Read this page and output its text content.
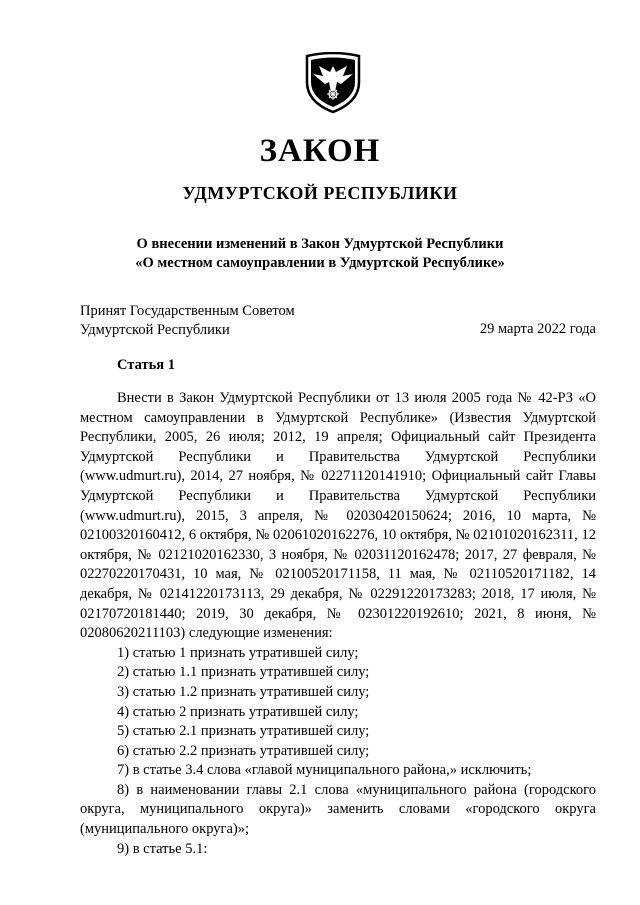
ЗАКОН
УДМУРТСКОЙ РЕСПУБЛИКИ
О внесении изменений в Закон Удмуртской Республики
«О местном самоуправлении в Удмуртской Республике»
Принят Государственным Советом
Удмуртской Республики	29 марта 2022 года
Статья 1

Внести в Закон Удмуртской Республики от 13 июля 2005 года № 42-РЗ «О местном самоуправлении в Удмуртской Республике» (Известия Удмуртской Республики, 2005, 26 июля; 2012, 19 апреля; Официальный сайт Президента Удмуртской Республики и Правительства Удмуртской Республики (www.udmurt.ru), 2014, 27 ноября, № 02271120141910; Официальный сайт Главы Удмуртской Республики и Правительства Удмуртской Республики (www.udmurt.ru), 2015, 3 апреля, № 02030420150624; 2016, 10 марта, № 02100320160412, 6 октября, № 02061020162276, 10 октября, № 02101020162311, 12 октября, № 02121020162330, 3 ноября, № 02031120162478; 2017, 27 февраля, № 02270220170431, 10 мая, № 02100520171158, 11 мая, № 02110520171182, 14 декабря, № 02141220173113, 29 декабря, № 02291220173283; 2018, 17 июля, № 02170720181440; 2019, 30 декабря, № 02301220192610; 2021, 8 июня, № 02080620211103) следующие изменения:

1) статью 1 признать утратившей силу;
2) статью 1.1 признать утратившей силу;
3) статью 1.2 признать утратившей силу;
4) статью 2 признать утратившей силу;
5) статью 2.1 признать утратившей силу;
6) статью 2.2 признать утратившей силу;
7) в статье 3.4 слова «главой муниципального района,» исключить;
8) в наименовании главы 2.1 слова «муниципального района (городского округа, муниципального округа)» заменить словами «городского округа (муниципального округа)»;
9) в статье 5.1:
